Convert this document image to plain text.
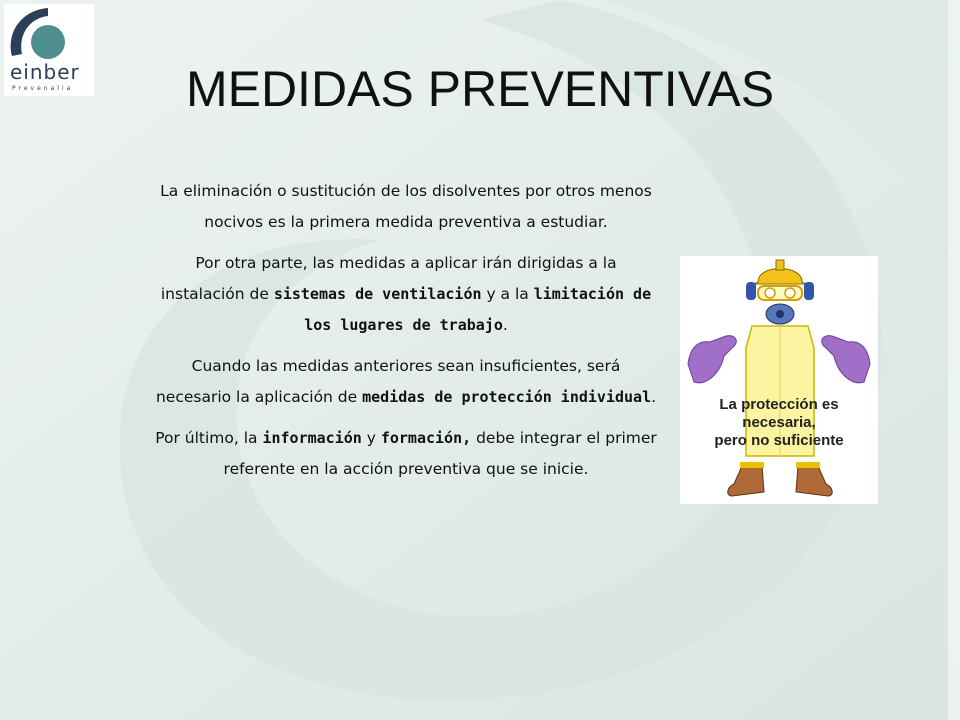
einber
Prevenalia	MEDIDAS PREVENTIVAS

La eliminación o sustitución de los disolventes por otros menos nocivos es la primera medida preventiva a estudiar.

Por otra parte, las medidas a aplicar irán dirigidas a la instalación de sistemas de ventilación y a la limitación de los lugares de trabajo.

Cuando las medidas anteriores sean insuficientes, será necesario la aplicación de medidas de protección individual.

Por último, la información y formación, debe integrar el primer referente en la acción preventiva que se inicie.

La protección es necesaria,
pero no suficiente
